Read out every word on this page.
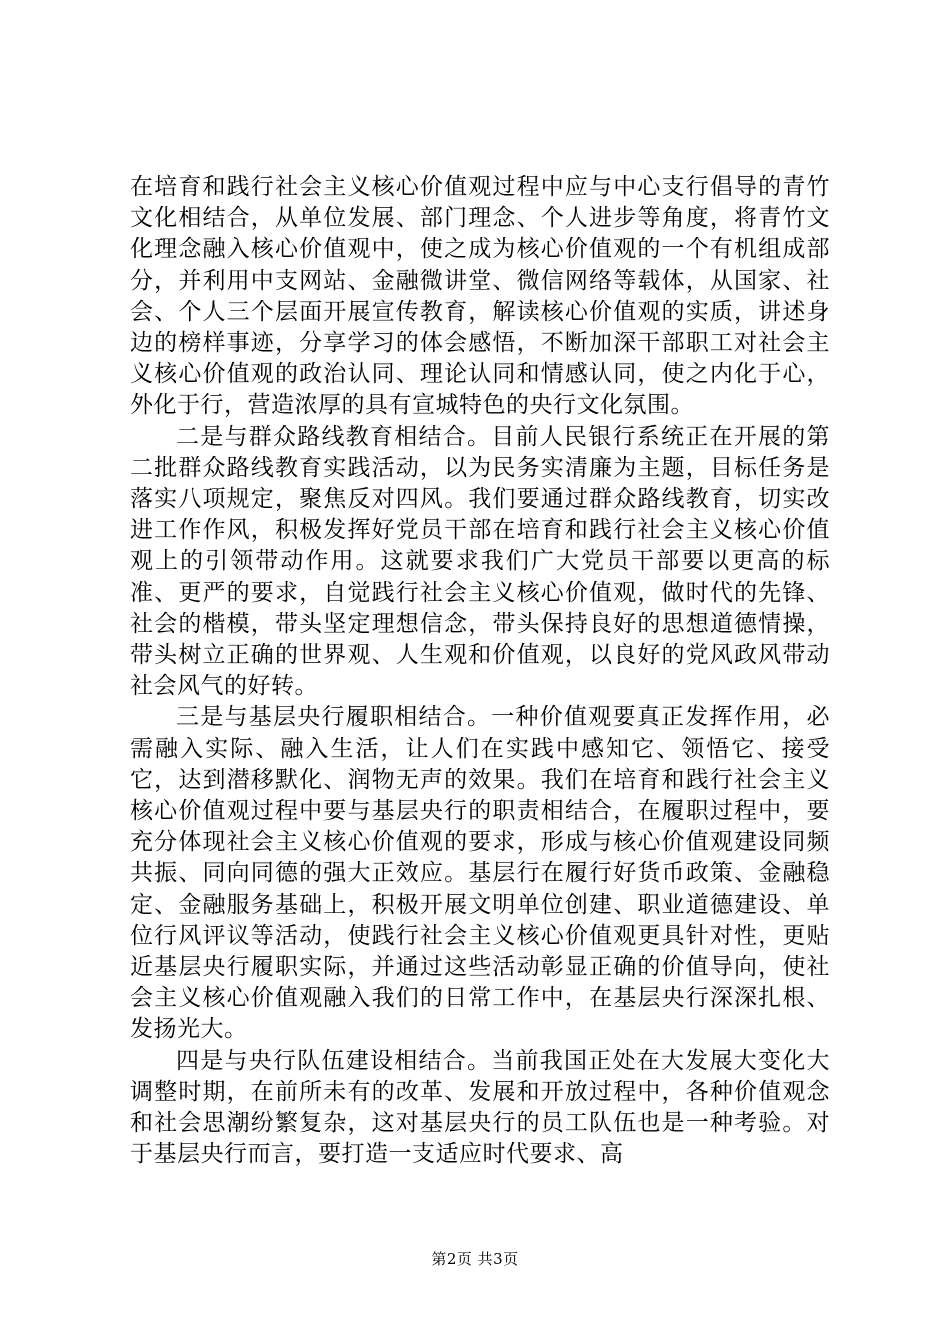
在培育和践行社会主义核心价值观过程中应与中心支行倡导的青竹文化相结合，从单位发展、部门理念、个人进步等角度，将青竹文化理念融入核心价值观中，使之成为核心价值观的一个有机组成部分，并利用中支网站、金融微讲堂、微信网络等载体，从国家、社会、个人三个层面开展宣传教育，解读核心价值观的实质，讲述身边的榜样事迹，分享学习的体会感悟，不断加深干部职工对社会主义核心价值观的政治认同、理论认同和情感认同，使之内化于心，外化于行，营造浓厚的具有宣城特色的央行文化氛围。

二是与群众路线教育相结合。目前人民银行系统正在开展的第二批群众路线教育实践活动，以为民务实清廉为主题，目标任务是落实八项规定，聚焦反对四风。我们要通过群众路线教育，切实改进工作作风，积极发挥好党员干部在培育和践行社会主义核心价值观上的引领带动作用。这就要求我们广大党员干部要以更高的标准、更严的要求，自觉践行社会主义核心价值观，做时代的先锋、社会的楷模，带头坚定理想信念，带头保持良好的思想道德情操，带头树立正确的世界观、人生观和价值观，以良好的党风政风带动社会风气的好转。

三是与基层央行履职相结合。一种价值观要真正发挥作用，必需融入实际、融入生活，让人们在实践中感知它、领悟它、接受它，达到潜移默化、润物无声的效果。我们在培育和践行社会主义核心价值观过程中要与基层央行的职责相结合，在履职过程中，要充分体现社会主义核心价值观的要求，形成与核心价值观建设同频共振、同向同德的强大正效应。基层行在履行好货币政策、金融稳定、金融服务基础上，积极开展文明单位创建、职业道德建设、单位行风评议等活动，使践行社会主义核心价值观更具针对性，更贴近基层央行履职实际，并通过这些活动彰显正确的价值导向，使社会主义核心价值观融入我们的日常工作中，在基层央行深深扎根、发扬光大。

四是与央行队伍建设相结合。当前我国正处在大发展大变化大调整时期，在前所未有的改革、发展和开放过程中，各种价值观念和社会思潮纷繁复杂，这对基层央行的员工队伍也是一种考验。对于基层央行而言，要打造一支适应时代要求、高

第2页 共3页
